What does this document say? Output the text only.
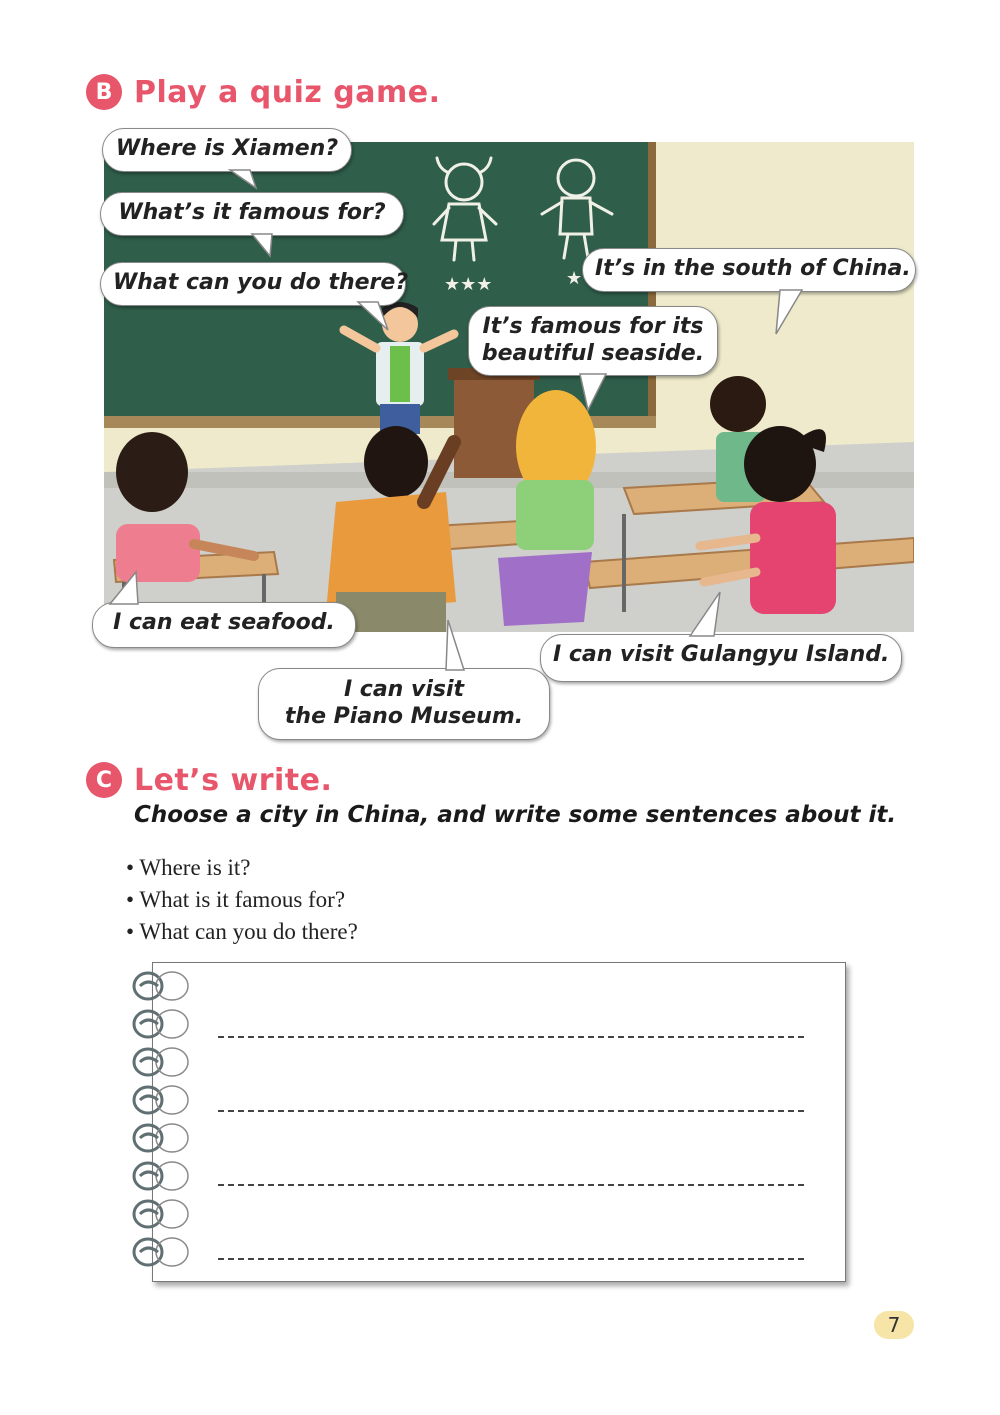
B Play a quiz game.
★★★	★
Where is Xiamen?
What’s it famous for?
What can you do there?
It’s in the south of China.
It’s famous for its
beautiful seaside.
I can eat seafood.
I can visit
the Piano Museum.
I can visit Gulangyu Island.
C Let’s write.
Choose a city in China, and write some sentences about it.
• Where is it?
• What is it famous for?
• What can you do there?
7
